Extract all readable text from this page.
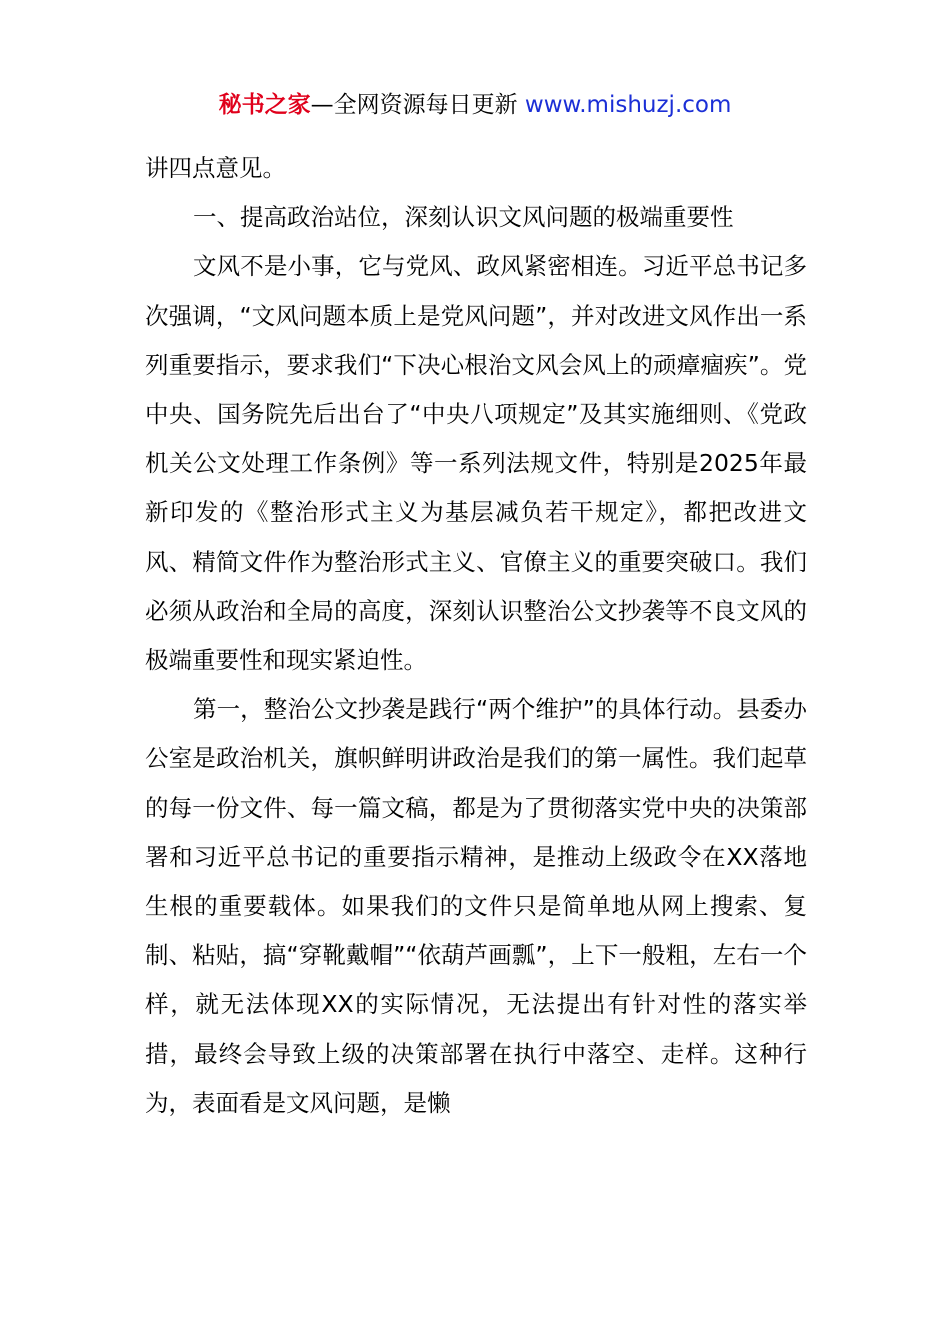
秘书之家—全网资源每日更新 www.mishuzj.com

讲四点意见。

一、提高政治站位，深刻认识文风问题的极端重要性

文风不是小事，它与党风、政风紧密相连。习近平总书记多次强调，“文风问题本质上是党风问题”，并对改进文风作出一系列重要指示，要求我们“下决心根治文风会风上的顽瘴痼疾”。党中央、国务院先后出台了“中央八项规定”及其实施细则、《党政机关公文处理工作条例》等一系列法规文件，特别是2025年最新印发的《整治形式主义为基层减负若干规定》，都把改进文风、精简文件作为整治形式主义、官僚主义的重要突破口。我们必须从政治和全局的高度，深刻认识整治公文抄袭等不良文风的极端重要性和现实紧迫性。

第一，整治公文抄袭是践行“两个维护”的具体行动。县委办公室是政治机关，旗帜鲜明讲政治是我们的第一属性。我们起草的每一份文件、每一篇文稿，都是为了贯彻落实党中央的决策部署和习近平总书记的重要指示精神，是推动上级政令在XX落地生根的重要载体。如果我们的文件只是简单地从网上搜索、复制、粘贴，搞“穿靴戴帽”“依葫芦画瓢”，上下一般粗，左右一个样，就无法体现XX的实际情况，无法提出有针对性的落实举措，最终会导致上级的决策部署在执行中落空、走样。这种行为，表面看是文风问题，是懒
